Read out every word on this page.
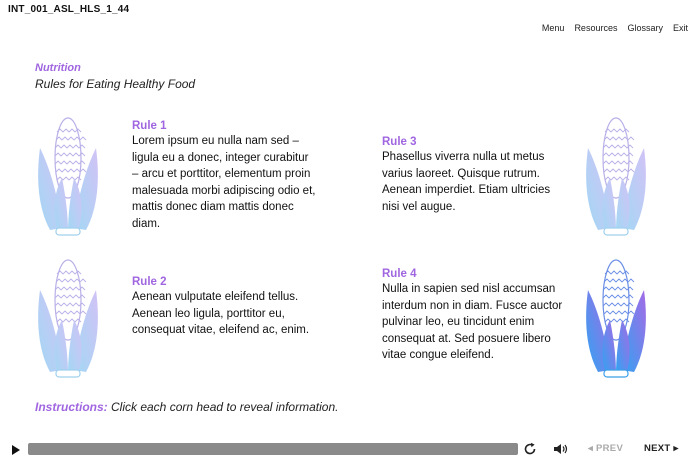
INT_001_ASL_HLS_1_44
Menu Resources Glossary Exit
Nutrition
Rules for Eating Healthy Food
Rule 1
Lorem ipsum eu nulla nam sed – ligula eu a donec, integer curabitur – arcu et porttitor, elementum proin malesuada morbi adipiscing odio et, mattis donec diam mattis donec diam.
Rule 2
Aenean vulputate eleifend tellus. Aenean leo ligula, porttitor eu, consequat vitae, eleifend ac, enim.
Rule 3
Phasellus viverra nulla ut metus varius laoreet. Quisque rutrum. Aenean imperdiet. Etiam ultricies nisi vel augue.
Rule 4
Nulla in sapien sed nisl accumsan interdum non in diam. Fusce auctor pulvinar leo, eu tincidunt enim consequat at. Sed posuere libero vitae congue eleifend.
Instructions: Click each corn head to reveal information.
◂ PREV NEXT ▸
